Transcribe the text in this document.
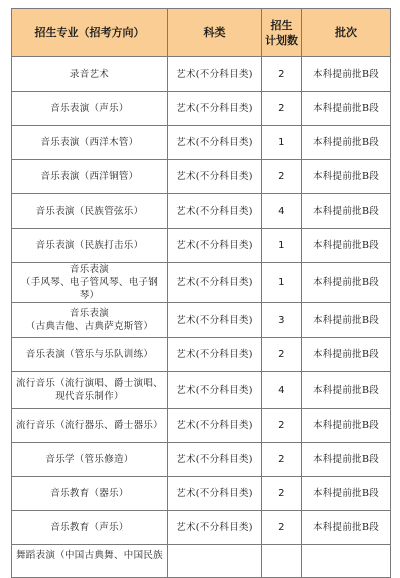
招生专业（招考方向）	科类	招生 计划数	批次

录音艺术	艺术(不分科目类)	2	本科提前批B段

音乐表演（声乐）	艺术(不分科目类)	2	本科提前批B段

音乐表演（西洋木管）	艺术(不分科目类)	1	本科提前批B段

音乐表演（西洋铜管）	艺术(不分科目类)	2	本科提前批B段

音乐表演（民族管弦乐）	艺术(不分科目类)	4	本科提前批B段

音乐表演（民族打击乐）	艺术(不分科目类)	1	本科提前批B段

音乐表演
（手风琴、电子管风琴、电子钢琴）	艺术(不分科目类)	1	本科提前批B段

音乐表演
（古典吉他、古典萨克斯管）	艺术(不分科目类)	3	本科提前批B段

音乐表演（管乐与乐队训练）	艺术(不分科目类)	2	本科提前批B段

流行音乐（流行演唱、爵士演唱、
现代音乐制作）	艺术(不分科目类)	4	本科提前批B段

流行音乐（流行器乐、爵士器乐）	艺术(不分科目类)	2	本科提前批B段

音乐学（管乐修造）	艺术(不分科目类)	2	本科提前批B段

音乐教育（器乐）	艺术(不分科目类)	2	本科提前批B段

音乐教育（声乐）	艺术(不分科目类)	2	本科提前批B段

舞蹈表演（中国古典舞、中国民族			
